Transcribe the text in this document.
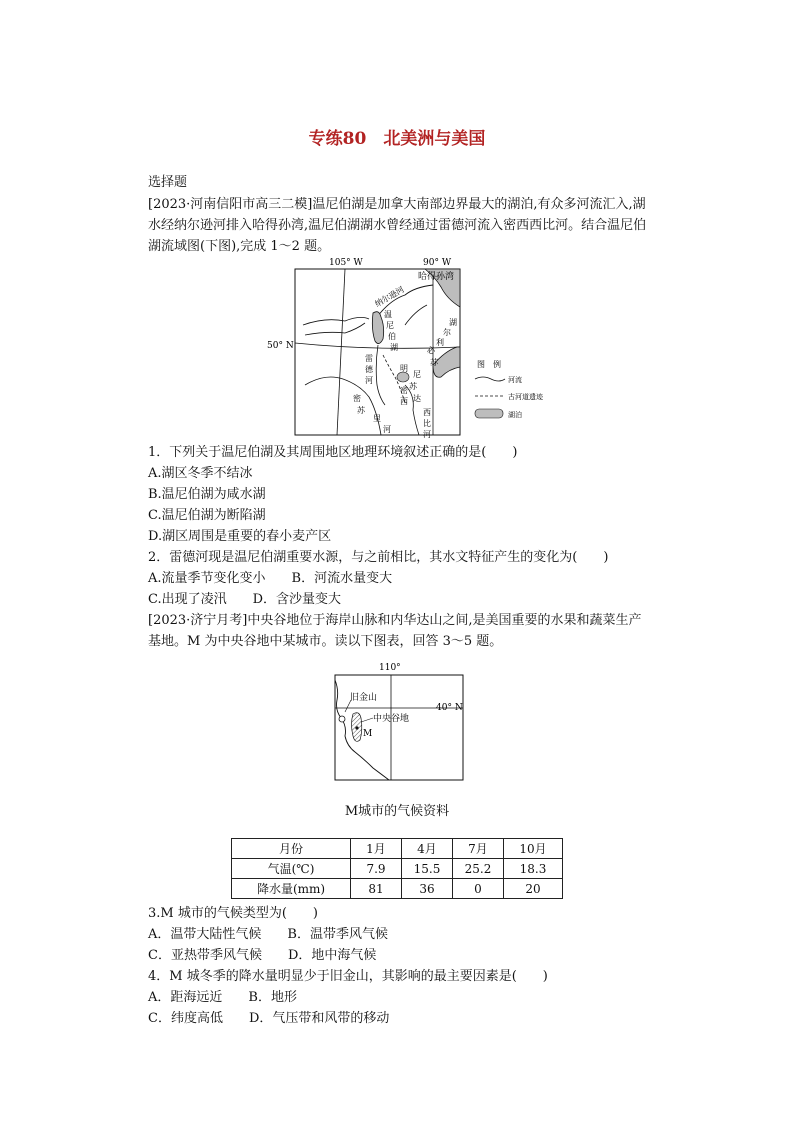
专练80　北美洲与美国
选择题
[2023·河南信阳市高三二模]温尼伯湖是加拿大南部边界最大的湖泊,有众多河流汇入,湖水经纳尔逊河排入哈得孙湾,温尼伯湖湖水曾经通过雷德河流入密西西比河。结合温尼伯湖流域图(下图),完成 1～2 题。
105° W	90° W
50° N
哈得孙湾
纳尔逊河
温
尼
伯
湖
雷
德
河
明
尼
苏
达
苏
必
利
尔
湖
密
西
西
比
河
密
苏
里
河
图　例
河流
古河道遗迹
湖泊
1．下列关于温尼伯湖及其周围地区地理环境叙述正确的是(　　)
A.湖区冬季不结冰
B.温尼伯湖为咸水湖
C.温尼伯湖为断陷湖
D.湖区周围是重要的春小麦产区
2．雷德河现是温尼伯湖重要水源，与之前相比，其水文特征产生的变化为(　　)
A.流量季节变化变小　　B．河流水量变大
C.出现了凌汛　　D．含沙量变大
[2023·济宁月考]中央谷地位于海岸山脉和内华达山之间,是美国重要的水果和蔬菜生产基地。M 为中央谷地中某城市。读以下图表，回答 3～5 题。
110°
40° N
旧金山
中央谷地
M
M城市的气候资料
月份	1月	4月	7月	10月
气温(℃)	7.9	15.5	25.2	18.3
降水量(mm)	81	36	0	20
3.M 城市的气候类型为(　　)
A．温带大陆性气候　　B．温带季风气候
C．亚热带季风气候　　D．地中海气候
4．M 城冬季的降水量明显少于旧金山，其影响的最主要因素是(　　)
A．距海远近　　B．地形
C．纬度高低　　D．气压带和风带的移动
